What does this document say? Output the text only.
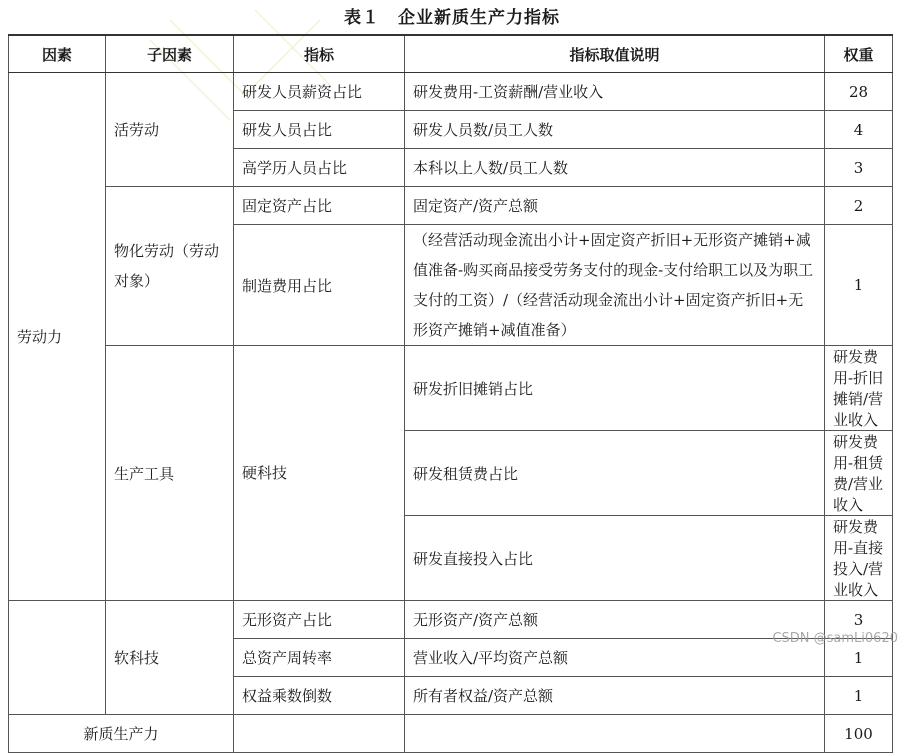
表１　企业新质生产力指标
因素	子因素	指标	指标取值说明	权重	
劳动力	活劳动	研发人员薪资占比	研发费用-工资薪酬/营业收入	28	
		研发人员占比	研发人员数/员工人数	4	
		高学历人员占比	本科以上人数/员工人数	3	
	物化劳动（劳动对象）	固定资产占比	固定资产/资产总额	2	
		制造费用占比	（经营活动现金流出小计+固定资产折旧+无形资产摊销+减值准备-购买商品接受劳务支付的现金-支付给职工以及为职工支付的工资）/（经营活动现金流出小计+固定资产折旧+无形资产摊销+减值准备）	1	
	生产工具	硬科技	研发折旧摊销占比	研发费用-折旧摊销/营业收入	
			研发租赁费占比	研发费用-租赁费/营业收入	
			研发直接投入占比	研发费用-直接投入/营业收入	
	软科技	无形资产占比	无形资产/资产总额	3	
		总资产周转率	营业收入/平均资产总额	1	
		权益乘数倒数	所有者权益/资产总额	1	
新质生产力				100	
CSDN @samLi0620
